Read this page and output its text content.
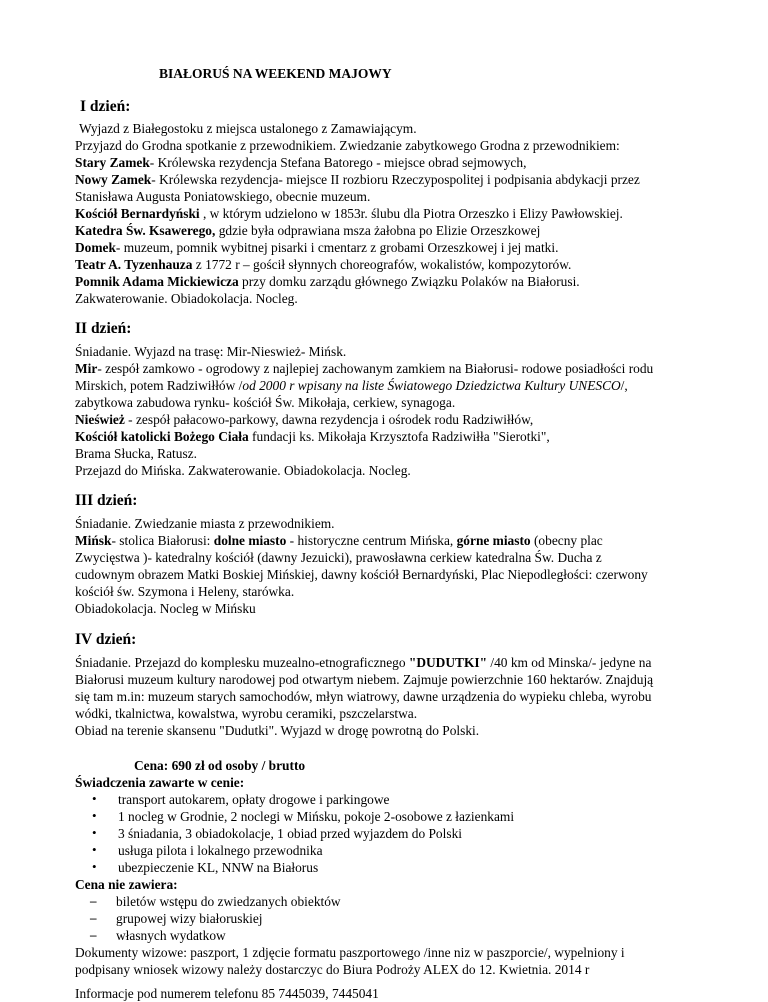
BIAŁORUŚ NA WEEKEND MAJOWY
I dzień:
Wyjazd z Białegostoku z miejsca ustalonego z Zamawiającym.
Przyjazd do Grodna spotkanie z przewodnikiem. Zwiedzanie zabytkowego Grodna z przewodnikiem:
Stary Zamek- Królewska rezydencja Stefana Batorego - miejsce obrad sejmowych,
Nowy Zamek- Królewska rezydencja- miejsce II rozbioru Rzeczypospolitej i podpisania abdykacji przez
Stanisława Augusta Poniatowskiego, obecnie muzeum.
Kościół Bernardyński , w którym udzielono w 1853r. ślubu dla Piotra Orzeszko i Elizy Pawłowskiej.
Katedra Św. Ksawerego, gdzie była odprawiana msza żałobna po Elizie Orzeszkowej
Domek- muzeum, pomnik wybitnej pisarki i cmentarz z grobami Orzeszkowej i jej matki.
Teatr A. Tyzenhauza z 1772 r – gościł słynnych choreografów, wokalistów, kompozytorów.
Pomnik Adama Mickiewicza przy domku zarządu głównego Związku Polaków na Białorusi.
Zakwaterowanie. Obiadokolacja. Nocleg.
II dzień:
Śniadanie. Wyjazd na trasę: Mir-Nieswież- Mińsk.
Mir- zespół zamkowo - ogrodowy z najlepiej zachowanym zamkiem na Białorusi- rodowe posiadłości rodu
Mirskich, potem Radziwiłłów /od 2000 r wpisany na liste Światowego Dziedzictwa Kultury UNESCO/,
zabytkowa zabudowa rynku- kościół Św. Mikołaja, cerkiew, synagoga.
Nieśwież - zespół pałacowo-parkowy, dawna rezydencja i ośrodek rodu Radziwiłłów,
Kościół katolicki Bożego Ciała fundacji ks. Mikołaja Krzysztofa Radziwiłła "Sierotki",
Brama Słucka, Ratusz.
Przejazd do Mińska. Zakwaterowanie. Obiadokolacja. Nocleg.
III dzień:
Śniadanie. Zwiedzanie miasta z przewodnikiem.
Mińsk- stolica Białorusi: dolne miasto - historyczne centrum Mińska, górne miasto (obecny plac
Zwycięstwa )- katedralny kościół (dawny Jezuicki), prawosławna cerkiew katedralna Św. Ducha z
cudownym obrazem Matki Boskiej Mińskiej, dawny kościół Bernardyński, Plac Niepodległości: czerwony
kościół św. Szymona i Heleny, starówka.
Obiadokolacja. Nocleg w Mińsku
IV dzień:
Śniadanie. Przejazd do komplesku muzealno-etnograficznego "DUDUTKI" /40 km od Minska/- jedyne na
Białorusi muzeum kultury narodowej pod otwartym niebem. Zajmuje powierzchnie 160 hektarów. Znajdują
się tam m.in: muzeum starych samochodów, młyn wiatrowy, dawne urządzenia do wypieku chleba, wyrobu
wódki, tkalnictwa, kowalstwa, wyrobu ceramiki, pszczelarstwa.
Obiad na terenie skansenu "Dudutki". Wyjazd w drogę powrotną do Polski.
Cena: 690 zł od osoby / brutto
Świadczenia zawarte w cenie:
• transport autokarem, opłaty drogowe i parkingowe
• 1 nocleg w Grodnie, 2 noclegi w Mińsku, pokoje 2-osobowe z łazienkami
• 3 śniadania, 3 obiadokolacje, 1 obiad przed wyjazdem do Polski
• usługa pilota i lokalnego przewodnika
• ubezpieczenie KL, NNW na Białorus
Cena nie zawiera:
– biletów wstępu do zwiedzanych obiektów
– grupowej wizy białoruskiej
– własnych wydatkow
Dokumenty wizowe: paszport, 1 zdjęcie formatu paszportowego /inne niz w paszporcie/, wypelniony i
podpisany wniosek wizowy należy dostarczyc do Biura Podroży ALEX do 12. Kwietnia. 2014 r
Informacje pod numerem telefonu 85 7445039, 7445041
